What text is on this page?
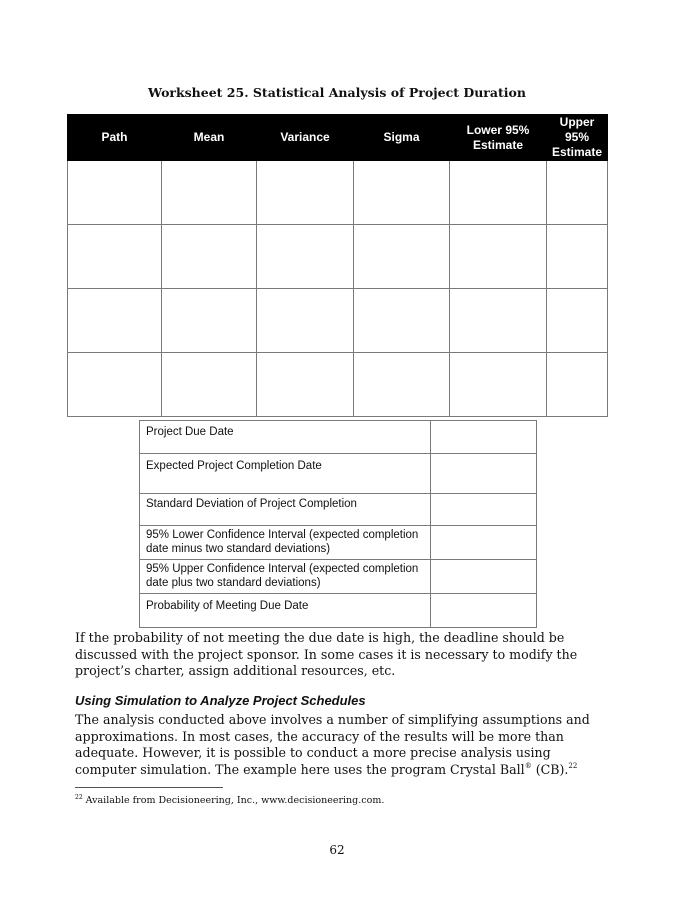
Worksheet 25. Statistical Analysis of Project Duration
Path	Mean	Variance	Sigma	Lower 95% Estimate	Upper 95% Estimate

Project Due Date	
Expected Project Completion Date	
Standard Deviation of Project Completion	
95% Lower Confidence Interval (expected completion date minus two standard deviations)	
95% Upper Confidence Interval (expected completion date plus two standard deviations)	
Probability of Meeting Due Date	

If the probability of not meeting the due date is high, the deadline should be discussed with the project sponsor. In some cases it is necessary to modify the project’s charter, assign additional resources, etc.

Using Simulation to Analyze Project Schedules

The analysis conducted above involves a number of simplifying assumptions and approximations. In most cases, the accuracy of the results will be more than adequate. However, it is possible to conduct a more precise analysis using computer simulation. The example here uses the program Crystal Ball® (CB).$^{22}$

$^{22}$ Available from Decisioneering, Inc., www.decisioneering.com.
62
